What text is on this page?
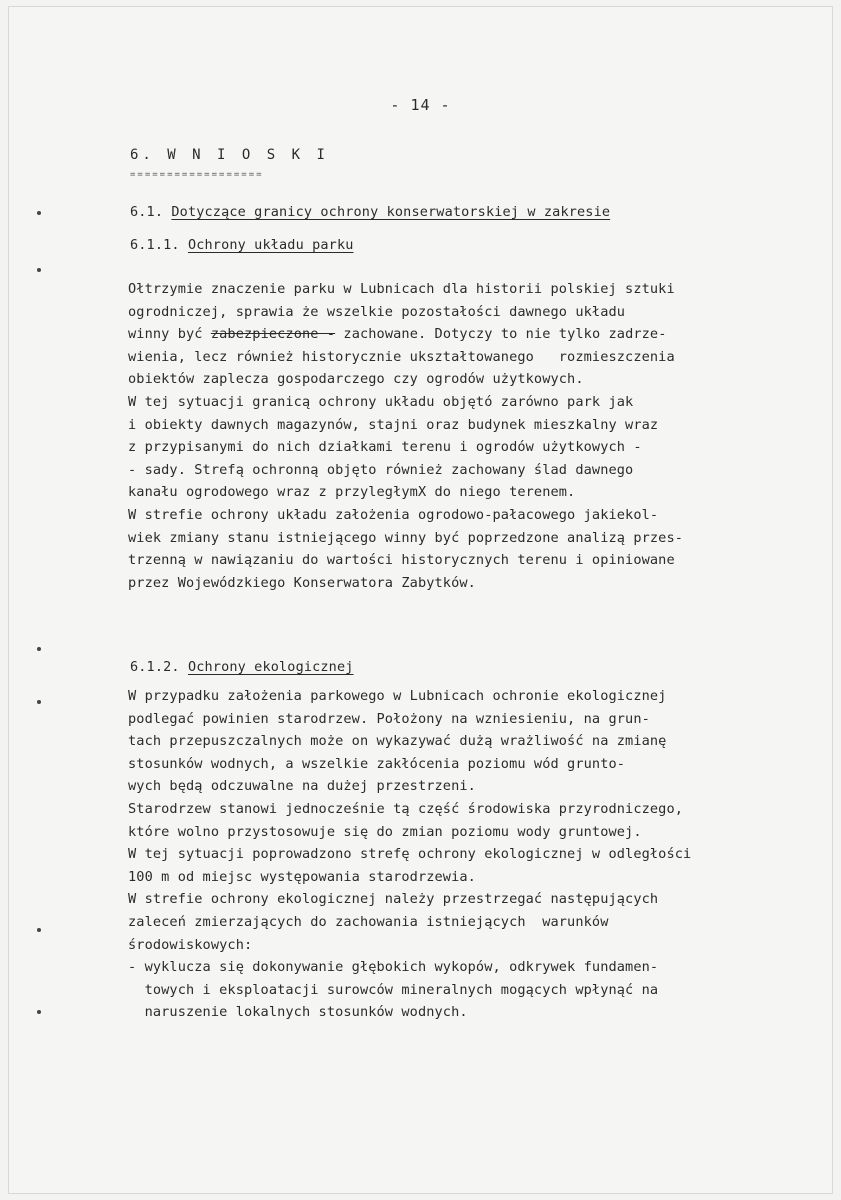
- 14 -
6. W N I O S K I
==================
6.1. Dotyczące granicy ochrony konserwatorskiej w zakresie
6.1.1. Ochrony układu parku
Ołtrzymie znaczenie parku w Lubnicach dla historii polskiej sztuki
ogrodniczej, sprawia że wszelkie pozostałości dawnego układu
winny być zabezpieczone - zachowane. Dotyczy to nie tylko zadrze-
wienia, lecz również historycznie ukształtowanego   rozmieszczenia
obiektów zaplecza gospodarczego czy ogrodów użytkowych.
W tej sytuacji granicą ochrony układu objętó zarówno park jak
i obiekty dawnych magazynów, stajni oraz budynek mieszkalny wraz
z przypisanymi do nich działkami terenu i ogrodów użytkowych -
- sady. Strefą ochronną objęto również zachowany ślad dawnego
kanału ogrodowego wraz z przyległymX do niego terenem.
W strefie ochrony układu założenia ogrodowo-pałacowego jakiekol-
wiek zmiany stanu istniejącego winny być poprzedzone analizą przes-
trzenną w nawiązaniu do wartości historycznych terenu i opiniowane
przez Wojewódzkiego Konserwatora Zabytków.
6.1.2. Ochrony ekologicznej
W przypadku założenia parkowego w Lubnicach ochronie ekologicznej
podlegać powinien starodrzew. Położony na wzniesieniu, na grun-
tach przepuszczalnych może on wykazywać dużą wrażliwość na zmianę
stosunków wodnych, a wszelkie zakłócenia poziomu wód grunto-
wych będą odczuwalne na dużej przestrzeni.
Starodrzew stanowi jednocześnie tą część środowiska przyrodniczego,
które wolno przystosowuje się do zmian poziomu wody gruntowej.
W tej sytuacji poprowadzono strefę ochrony ekologicznej w odległości
100 m od miejsc występowania starodrzewia.
W strefie ochrony ekologicznej należy przestrzegać następujących
zaleceń zmierzających do zachowania istniejących  warunków
środowiskowych:
- wyklucza się dokonywanie głębokich wykopów, odkrywek fundamen-
towych i eksploatacji surowców mineralnych mogących wpłynąć na
naruszenie lokalnych stosunków wodnych.
